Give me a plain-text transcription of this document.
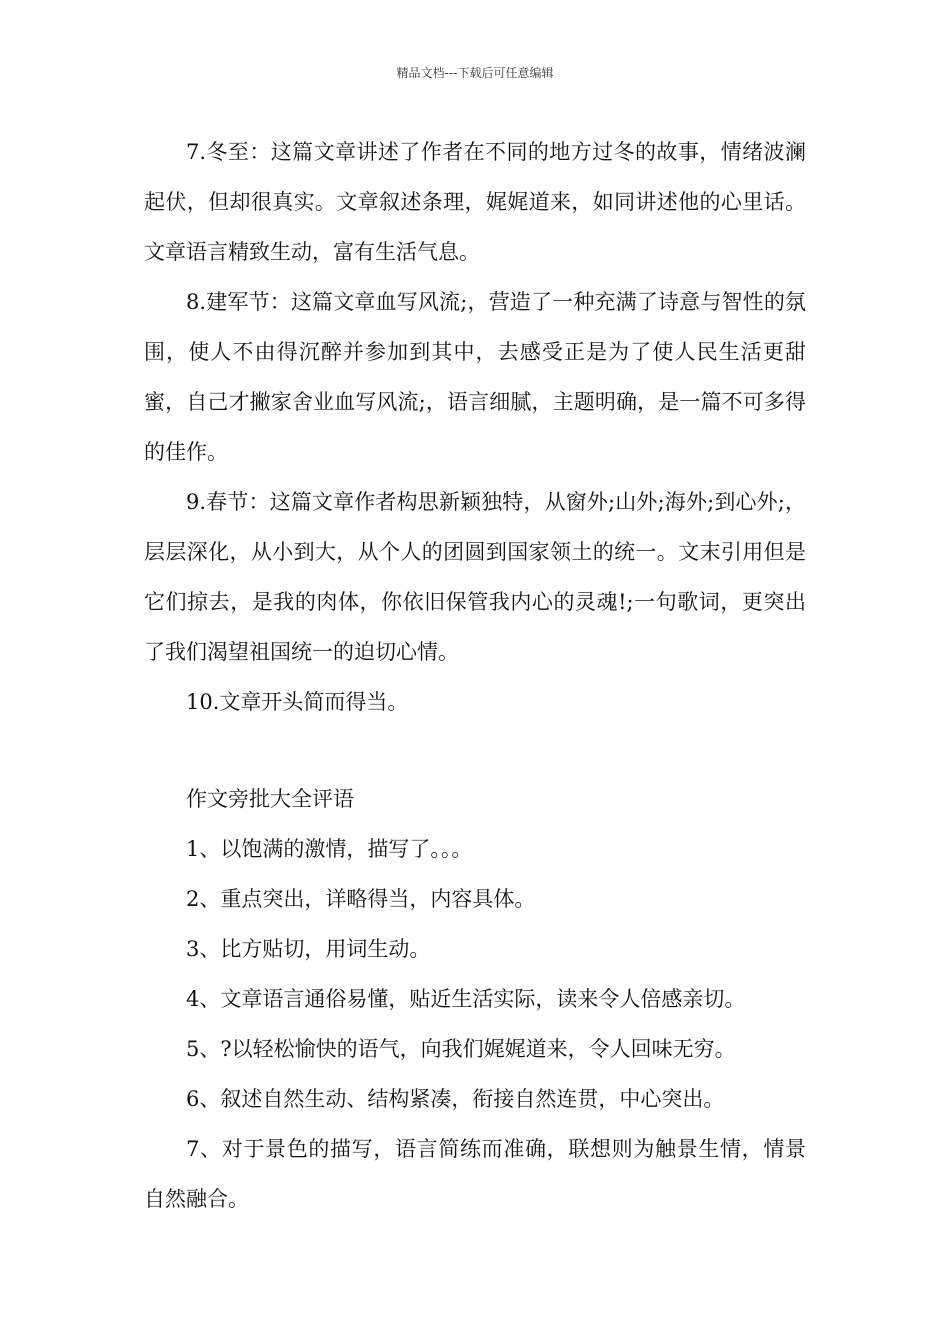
精品文档---下载后可任意编辑

7.冬至：这篇文章讲述了作者在不同的地方过冬的故事，情绪波澜起伏，但却很真实。文章叙述条理，娓娓道来，如同讲述他的心里话。文章语言精致生动，富有生活气息。

8.建军节：这篇文章血写风流;，营造了一种充满了诗意与智性的氛围，使人不由得沉醉并参加到其中，去感受正是为了使人民生活更甜蜜，自己才撇家舍业血写风流;，语言细腻，主题明确，是一篇不可多得的佳作。

9.春节：这篇文章作者构思新颖独特，从窗外;山外;海外;到心外;，层层深化，从小到大，从个人的团圆到国家领土的统一。文末引用但是它们掠去，是我的肉体，你依旧保管我内心的灵魂!;一句歌词，更突出了我们渴望祖国统一的迫切心情。

10.文章开头简而得当。

作文旁批大全评语

1、以饱满的激情，描写了。。。

2、重点突出，详略得当，内容具体。

3、比方贴切，用词生动。

4、文章语言通俗易懂，贴近生活实际，读来令人倍感亲切。

5、?以轻松愉快的语气，向我们娓娓道来，令人回味无穷。

6、叙述自然生动、结构紧凑，衔接自然连贯，中心突出。

7、对于景色的描写，语言简练而准确，联想则为触景生情，情景自然融合。
